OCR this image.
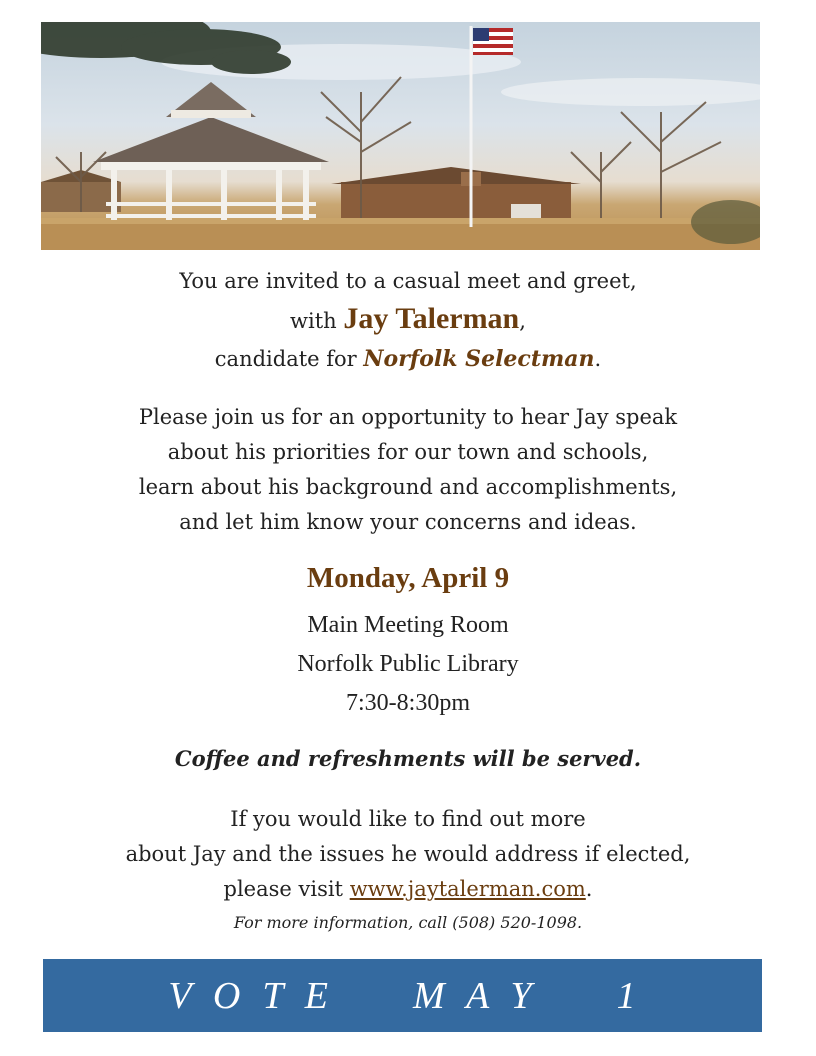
You are invited to a casual meet and greet,
with Jay Talerman,
candidate for Norfolk Selectman.
Please join us for an opportunity to hear Jay speak
about his priorities for our town and schools,
learn about his background and accomplishments,
and let him know your concerns and ideas.
Monday, April 9
Main Meeting Room
Norfolk Public Library
7:30-8:30pm
Coffee and refreshments will be served.
If you would like to find out more
about Jay and the issues he would address if elected,
please visit www.jaytalerman.com.
For more information, call (508) 520-1098.
V  O  T  E        M  A  Y        1
